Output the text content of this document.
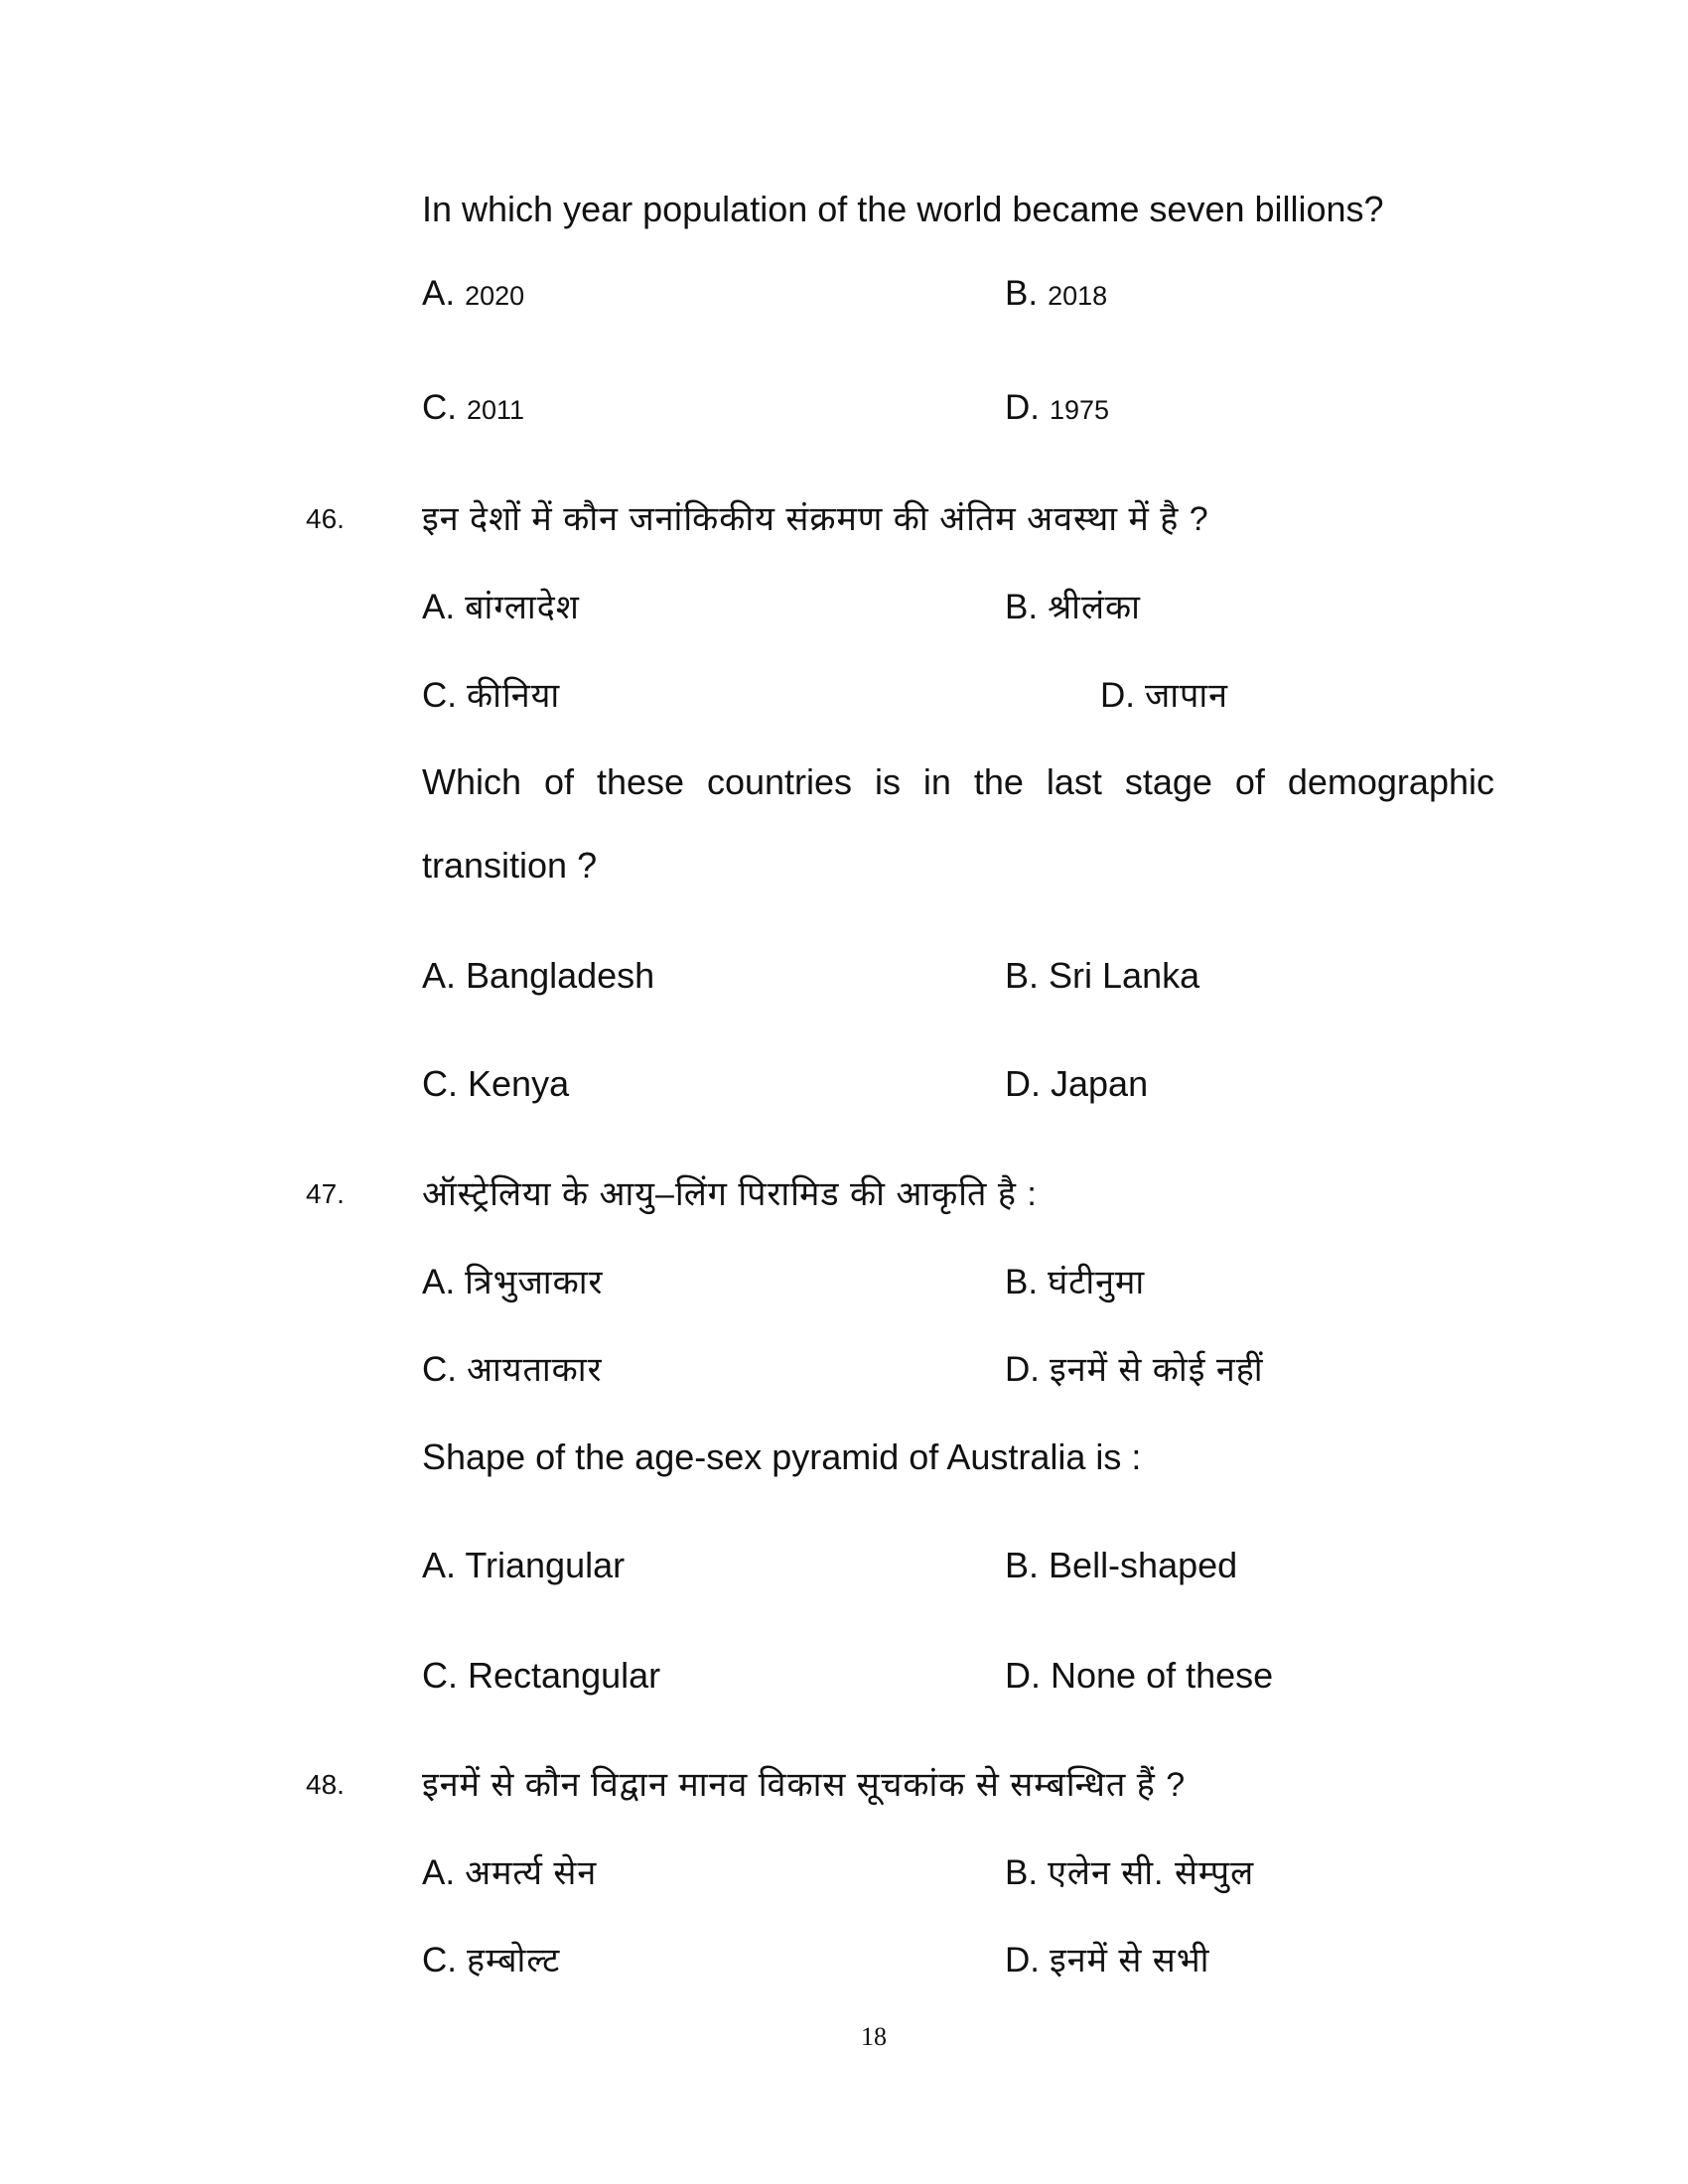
In which year population of the world became seven billions?
A. 2020	B. 2018
C. 2011	D. 1975
46. इन देशों में कौन जनांकिकीय संक्रमण की अंतिम अवस्था में है ?
A. बांग्लादेश	B. श्रीलंका
C. कीनिया	D. जापान
Which of these countries is in the last stage of demographic
transition ?
A. Bangladesh	B. Sri Lanka
C. Kenya	D. Japan
47. ऑस्ट्रेलिया के आयु–लिंग पिरामिड की आकृति है :
A. त्रिभुजाकार	B. घंटीनुमा
C. आयताकार	D. इनमें से कोई नहीं
Shape of the age-sex pyramid of Australia is :
A. Triangular	B. Bell-shaped
C. Rectangular	D. None of these
48. इनमें से कौन विद्वान मानव विकास सूचकांक से सम्बन्धित हैं ?
A. अमर्त्य सेन	B. एलेन सी. सेम्पुल
C. हम्बोल्ट	D. इनमें से सभी
18
